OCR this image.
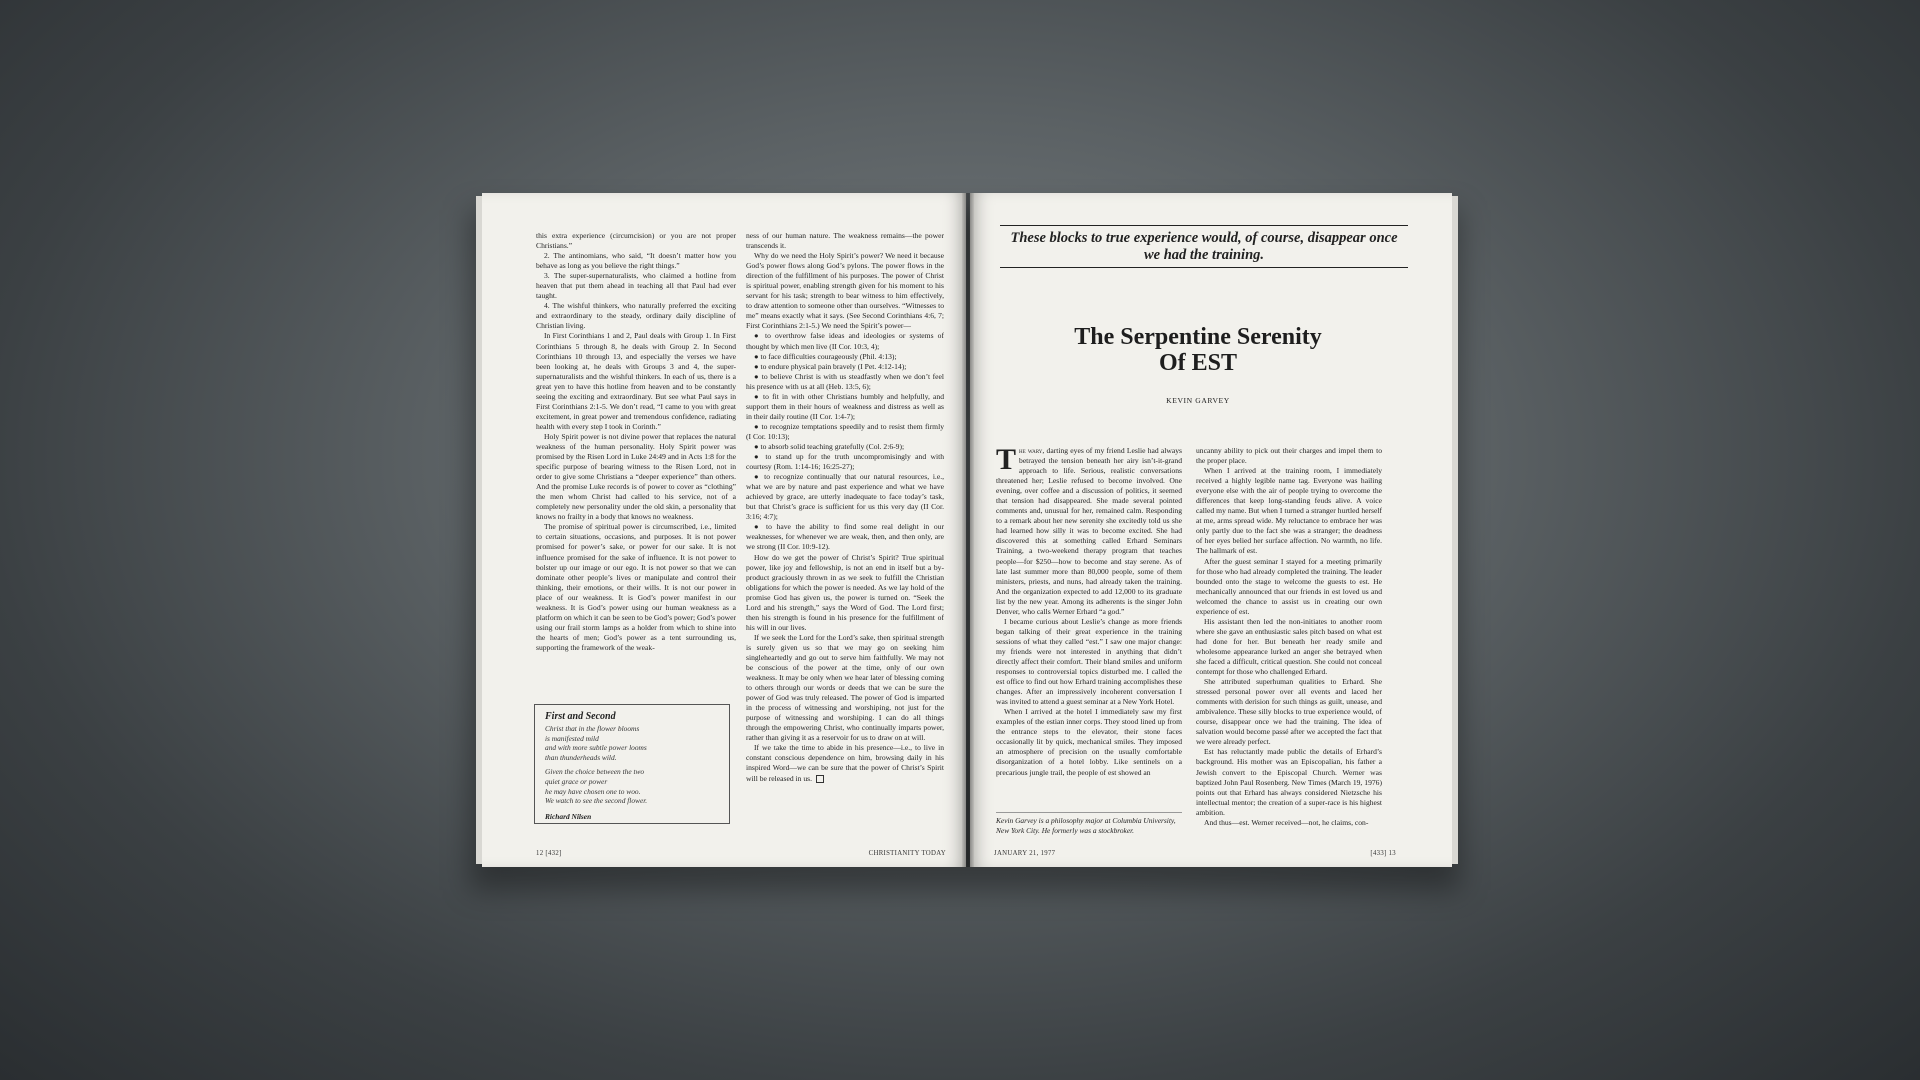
this extra experience (circumcision) or you are not proper Christians.”

2. The antinomians, who said, “It doesn’t matter how you behave as long as you believe the right things.”

3. The super-supernaturalists, who claimed a hotline from heaven that put them ahead in teaching all that Paul had ever taught.

4. The wishful thinkers, who naturally preferred the exciting and extraordinary to the steady, ordinary daily discipline of Christian living.

In First Corinthians 1 and 2, Paul deals with Group 1. In First Corinthians 5 through 8, he deals with Group 2. In Second Corinthians 10 through 13, and especially the verses we have been looking at, he deals with Groups 3 and 4, the super-supernaturalists and the wishful thinkers. In each of us, there is a great yen to have this hotline from heaven and to be constantly seeing the exciting and extraordinary. But see what Paul says in First Corinthians 2:1-5. We don’t read, “I came to you with great excitement, in great power and tremendous confidence, radiating health with every step I took in Corinth.”

Holy Spirit power is not divine power that replaces the natural weakness of the human personality. Holy Spirit power was promised by the Risen Lord in Luke 24:49 and in Acts 1:8 for the specific purpose of bearing witness to the Risen Lord, not in order to give some Christians a “deeper experience” than others. And the promise Luke records is of power to cover as “clothing” the men whom Christ had called to his service, not of a completely new personality under the old skin, a personality that knows no frailty in a body that knows no weakness.

The promise of spiritual power is circumscribed, i.e., limited to certain situations, occasions, and purposes. It is not power promised for power’s sake, or power for our sake. It is not influence promised for the sake of influence. It is not power to bolster up our image or our ego. It is not power so that we can dominate other people’s lives or manipulate and control their thinking, their emotions, or their wills. It is not our power in place of our weakness. It is God’s power manifest in our weakness. It is God’s power using our human weakness as a platform on which it can be seen to be God’s power; God’s power using our frail storm lamps as a holder from which to shine into the hearts of men; God’s power as a tent surrounding us, supporting the framework of the weak-

First and Second
Christ that in the flower blooms
is manifested mild
and with more subtle power looms
than thunderheads wild.
Given the choice between the two
quiet grace or power
he may have chosen one to woo.
We watch to see the second flower.
Richard Nilsen

ness of our human nature. The weakness remains—the power transcends it.

Why do we need the Holy Spirit’s power? We need it because God’s power flows along God’s pylons. The power flows in the direction of the fulfillment of his purposes. The power of Christ is spiritual power, enabling strength given for his moment to his servant for his task; strength to bear witness to him effectively, to draw attention to someone other than ourselves. “Witnesses to me” means exactly what it says. (See Second Corinthians 4:6, 7; First Corinthians 2:1-5.) We need the Spirit’s power—

● to overthrow false ideas and ideologies or systems of thought by which men live (II Cor. 10:3, 4);

● to face difficulties courageously (Phil. 4:13);

● to endure physical pain bravely (I Pet. 4:12-14);

● to believe Christ is with us steadfastly when we don’t feel his presence with us at all (Heb. 13:5, 6);

● to fit in with other Christians humbly and helpfully, and support them in their hours of weakness and distress as well as in their daily routine (II Cor. 1:4-7);

● to recognize temptations speedily and to resist them firmly (I Cor. 10:13);

● to absorb solid teaching gratefully (Col. 2:6-9);

● to stand up for the truth uncompromisingly and with courtesy (Rom. 1:14-16; 16:25-27);

● to recognize continually that our natural resources, i.e., what we are by nature and past experience and what we have achieved by grace, are utterly inadequate to face today’s task, but that Christ’s grace is sufficient for us this very day (II Cor. 3:16; 4:7);

● to have the ability to find some real delight in our weaknesses, for whenever we are weak, then, and then only, are we strong (II Cor. 10:9-12).

How do we get the power of Christ’s Spirit? True spiritual power, like joy and fellowship, is not an end in itself but a by-product graciously thrown in as we seek to fulfill the Christian obligations for which the power is needed. As we lay hold of the promise God has given us, the power is turned on. “Seek the Lord and his strength,” says the Word of God. The Lord first; then his strength is found in his presence for the fulfillment of his will in our lives.

If we seek the Lord for the Lord’s sake, then spiritual strength is surely given us so that we may go on seeking him singleheartedly and go out to serve him faithfully. We may not be conscious of the power at the time, only of our own weakness. It may be only when we hear later of blessing coming to others through our words or deeds that we can be sure the power of God was truly released. The power of God is imparted in the process of witnessing and worshiping, not just for the purpose of witnessing and worshiping. I can do all things through the empowering Christ, who continually imparts power, rather than giving it as a reservoir for us to draw on at will.

If we take the time to abide in his presence—i.e., to live in constant conscious dependence on him, browsing daily in his inspired Word—we can be sure that the power of Christ’s Spirit will be released in us.

12 [432]	CHRISTIANITY TODAY
These blocks to true experience would, of course, disappear once we had the training.
The Serpentine Serenity
Of EST
KEVIN GARVEY

The wary, darting eyes of my friend Leslie had always betrayed the tension beneath her airy isn’t-it-grand approach to life. Serious, realistic conversations threatened her; Leslie refused to become involved. One evening, over coffee and a discussion of politics, it seemed that tension had disappeared. She made several pointed comments and, unusual for her, remained calm. Responding to a remark about her new serenity she excitedly told us she had learned how silly it was to become excited. She had discovered this at something called Erhard Seminars Training, a two-weekend therapy program that teaches people—for $250—how to become and stay serene. As of late last summer more than 80,000 people, some of them ministers, priests, and nuns, had already taken the training. And the organization expected to add 12,000 to its graduate list by the new year. Among its adherents is the singer John Denver, who calls Werner Erhard “a god.”

I became curious about Leslie’s change as more friends began talking of their great experience in the training sessions of what they called “est.” I saw one major change: my friends were not interested in anything that didn’t directly affect their comfort. Their bland smiles and uniform responses to controversial topics disturbed me. I called the est office to find out how Erhard training accomplishes these changes. After an impressively incoherent conversation I was invited to attend a guest seminar at a New York Hotel.

When I arrived at the hotel I immediately saw my first examples of the estian inner corps. They stood lined up from the entrance steps to the elevator, their stone faces occasionally lit by quick, mechanical smiles. They imposed an atmosphere of precision on the usually comfortable disorganization of a hotel lobby. Like sentinels on a precarious jungle trail, the people of est showed an

Kevin Garvey is a philosophy major at Columbia University, New York City. He formerly was a stockbroker.

uncanny ability to pick out their charges and impel them to the proper place.

When I arrived at the training room, I immediately received a highly legible name tag. Everyone was hailing everyone else with the air of people trying to overcome the differences that keep long-standing feuds alive. A voice called my name. But when I turned a stranger hurtled herself at me, arms spread wide. My reluctance to embrace her was only partly due to the fact she was a stranger; the deadness of her eyes belied her surface affection. No warmth, no life. The hallmark of est.

After the guest seminar I stayed for a meeting primarily for those who had already completed the training. The leader bounded onto the stage to welcome the guests to est. He mechanically announced that our friends in est loved us and welcomed the chance to assist us in creating our own experience of est.

His assistant then led the non-initiates to another room where she gave an enthusiastic sales pitch based on what est had done for her. But beneath her ready smile and wholesome appearance lurked an anger she betrayed when she faced a difficult, critical question. She could not conceal contempt for those who challenged Erhard.

She attributed superhuman qualities to Erhard. She stressed personal power over all events and laced her comments with derision for such things as guilt, unease, and ambivalence. These silly blocks to true experience would, of course, disappear once we had the training. The idea of salvation would become passé after we accepted the fact that we were already perfect.

Est has reluctantly made public the details of Erhard’s background. His mother was an Episcopalian, his father a Jewish convert to the Episcopal Church. Werner was baptized John Paul Rosenberg. New Times (March 19, 1976) points out that Erhard has always considered Nietzsche his intellectual mentor; the creation of a super-race is his highest ambition.

And thus—est. Werner received—not, he claims, con-

JANUARY 21, 1977	[433] 13
